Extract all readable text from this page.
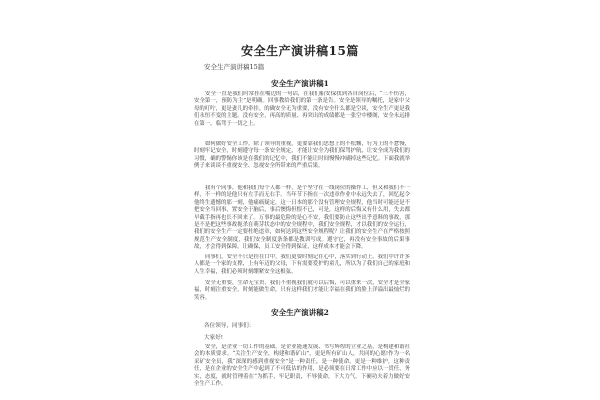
安全生产演讲稿15篇
安全生产演讲稿15篇
安全生产演讲稿1
安全一直是我们时常挂在嘴边的一句话，在我们船安保找到各自岗位后，“三不伤害，安全第一，预防为主”是明确。回事教给我们的第一条是告。安全是领导的嘱托，是家中父母的叮咛，更是妻儿的牵挂。的确安全无为重要，没有安全什么都是空谈，安全生产更是我们永恒不变的主题。没有安全，再高的质量、再突出的成绩都是一张空中楼阁，安全永远排在第一，临驾于一切之上。
如何做好安全工作，除了领导的重视，更要靠我们思想上的不松懈，行为上的不怠慢，时刻牢记安全，时刻遵守每一条安全规定，才能让安全为我们保驾护航，让安全成为我们的习惯，确的警惕你该是在我们的记忆中，我们不能让时间慢慢冲刷掉这些记忆。下面我就举例子来谈谈不重视安全、忽视安全所带来的严重后果。
我有个同事，他和我们每个人都一样，是个坚守在一线岗位的操作工，但又和我们不一样，不一样的是他只有左手而无右手。当年节下指在一次违章作业中永远失去了，回忆起令他终生遗憾的那一刻，他痛痛疑定，这一日本的那个没有管理安全规程，他当时可能还是不把安全当回事，置安全于脑后，事后懊悔但恨不已，可是，这样的后悔又有什么用，失去都早截手指再也长不回来了。万事的最危险的是心不安，我们要防止这些出乎意料的事故，那是不是把这些事故扼杀在萌芽状态中的安全规程中，我们安全规程，才以我们的安全运行，我们的安全生产一定要杜绝违章，如何达到这些安全规程呢？让我们的安全生产在严格按照规范生产安全制度，我们安全制度条条都是教训写成。遵守它，再没有安全事故的后果事故，才会得到保障，让确保，员工安全得到保证，这样成本才能会下降。
同事们，安全不只是挂在口中，我们更要时刻记在心中，落实到行动上。我们中许许多人都是一个家的支撑，上有年迈的父母，下有需要爱护的童儿，所以为了我们自己的家庭和人生幸福，我们必须时刻绷紧安全这根弦。
安全无重要，生命无宝贵，我们不重视我们就可以后悔，可以重来一次，安全才是全家福，时刻注重安全，时刻能做生命，只有这样我们才能让幸福在我们的脸上洋溢出最灿烂的笑容。
安全生产演讲稿2
各位领导，同事们：
大家好!
安全，是企业一切工作的基础，是企业能速发展、书写辉煌的立业之基，是构建和谐社会的本质要求。“关注生产安全，构建和谐矿山”，更是所有矿山人，共同的心愿!作为一名采矿安全员，我“深深的感到重视安全”是一种责任，是一种使命。更是一种维护，这种责任，是在企业的安全生产中起到了不可低估的作用，是必须要在日常工作中应以一贯任，务实，态度，就时管理着在“为抓手，牢记职责，不辱使命，下大力气。下硬功夫着力做好安全生产工作。
